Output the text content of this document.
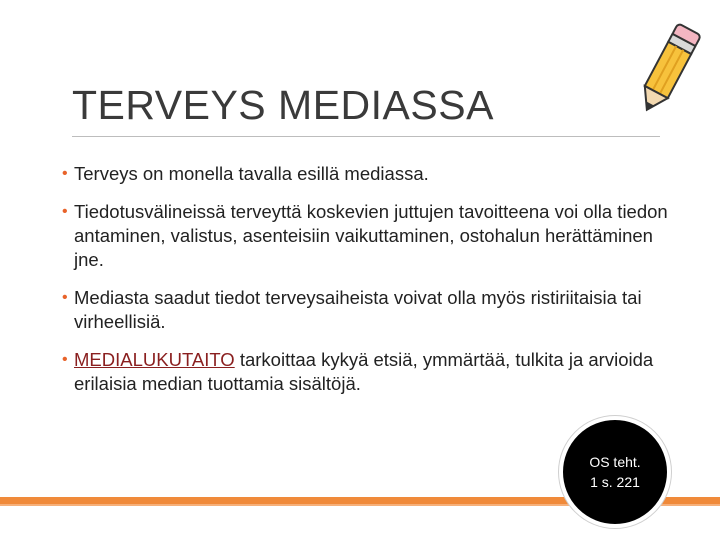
TERVEYS MEDIASSA
• Terveys on monella tavalla esillä mediassa.
• Tiedotusvälineissä terveyttä koskevien juttujen tavoitteena voi olla tiedon antaminen, valistus, asenteisiin vaikuttaminen, ostohalun herättäminen jne.
• Mediasta saadut tiedot terveysaiheista voivat olla myös ristiriitaisia tai virheellisiä.
• MEDIALUKUTAITO tarkoittaa kykyä etsiä, ymmärtää, tulkita ja arvioida erilaisia median tuottamia sisältöjä.
OS teht.
1 s. 221
